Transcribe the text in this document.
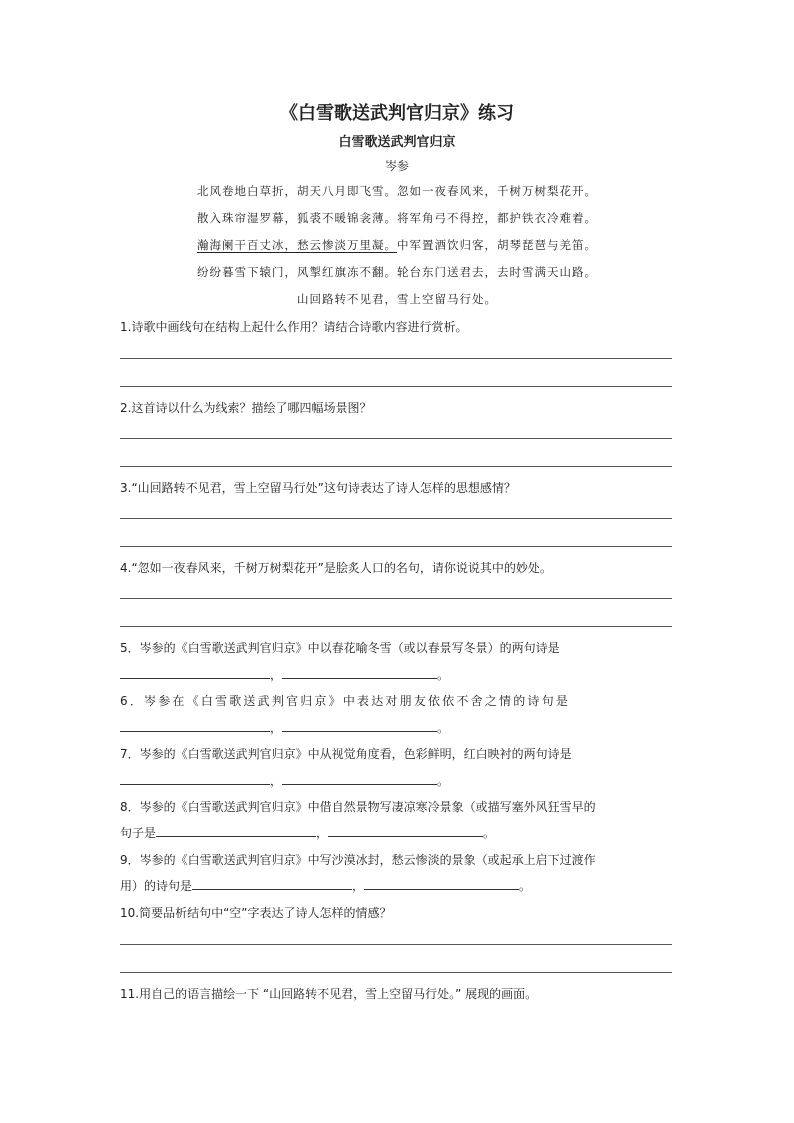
《白雪歌送武判官归京》练习
白雪歌送武判官归京
岑参
北风卷地白草折，胡天八月即飞雪。忽如一夜春风来，千树万树梨花开。
散入珠帘湿罗幕，狐裘不暖锦衾薄。将军角弓不得控，都护铁衣冷难着。
瀚海阑干百丈冰，愁云惨淡万里凝。中军置酒饮归客，胡琴琵琶与羌笛。
纷纷暮雪下辕门，风掣红旗冻不翻。轮台东门送君去，去时雪满天山路。
山回路转不见君，雪上空留马行处。
1.诗歌中画线句在结构上起什么作用？请结合诗歌内容进行赏析。
2.这首诗以什么为线索？描绘了哪四幅场景图？
3.“山回路转不见君，雪上空留马行处”这句诗表达了诗人怎样的思想感情？
4.“忽如一夜春风来，千树万树梨花开”是脍炙人口的名句，请你说说其中的妙处。
5．岑参的《白雪歌送武判官归京》中以春花喻冬雪（或以春景写冬景）的两句诗是
，	。
6．岑参在《白雪歌送武判官归京》中表达对朋友依依不舍之情的诗句是
，	。
7．岑参的《白雪歌送武判官归京》中从视觉角度看，色彩鲜明，红白映衬的两句诗是
，	。
8．岑参的《白雪歌送武判官归京》中借自然景物写凄凉寒冷景象（或描写塞外风狂雪早的
句子是	，	。
9．岑参的《白雪歌送武判官归京》中写沙漠冰封，愁云惨淡的景象（或起承上启下过渡作
用）的诗句是	，	。
10.简要品析结句中“空”字表达了诗人怎样的情感？
11.用自己的语言描绘一下 “山回路转不见君，雪上空留马行处。” 展现的画面。
